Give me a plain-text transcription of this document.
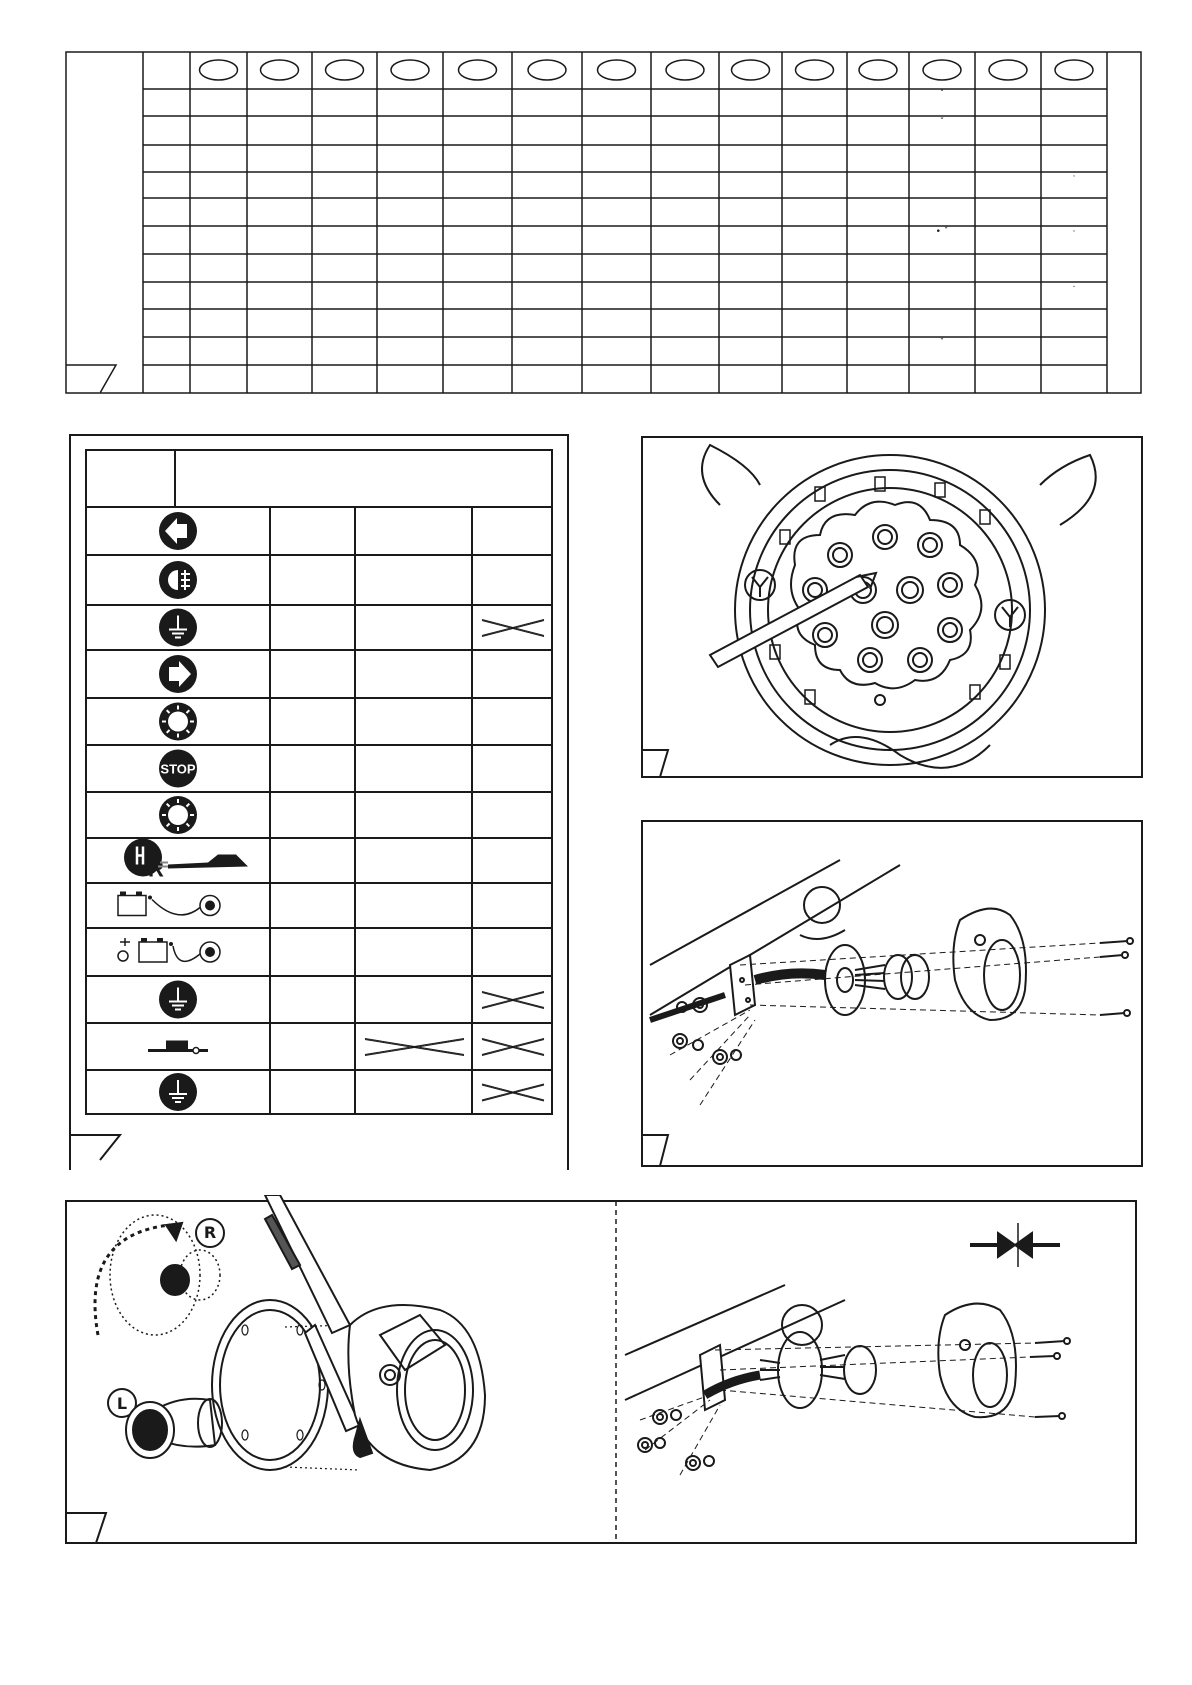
ˇ
ˇ
·
• ˇ	·
·
ˇ
STOP
R
R
L
